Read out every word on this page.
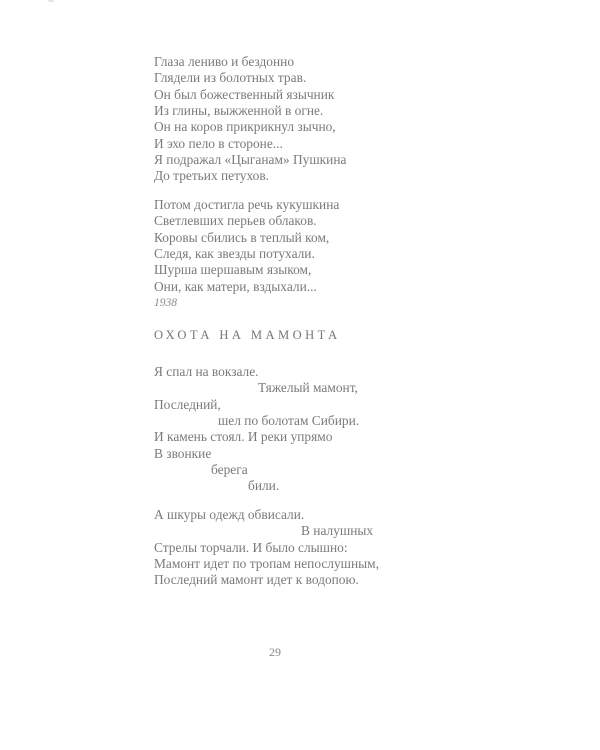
Глаза лениво и бездонно
Глядели из болотных трав.
Он был божественный язычник
Из глины, выжженной в огне.
Он на коров прикрикнул зычно,
И эхо пело в стороне...
Я подражал «Цыганам» Пушкина
До третьих петухов.
Потом достигла речь кукушкина
Светлевших перьев облаков.
Коровы сбились в теплый ком,
Следя, как звезды потухали.
Шурша шершавым языком,
Они, как матери, вздыхали...
1938
ОХОТА НА МАМОНТА
Я спал на вокзале.
Тяжелый мамонт,
Последний,
шел по болотам Сибири.
И камень стоял. И реки упрямо
В звонкие
берега
били.
А шкуры одежд обвисали.
В налушных
Стрелы торчали. И было слышно:
Мамонт идет по тропам непослушным,
Последний мамонт идет к водопою.
29
